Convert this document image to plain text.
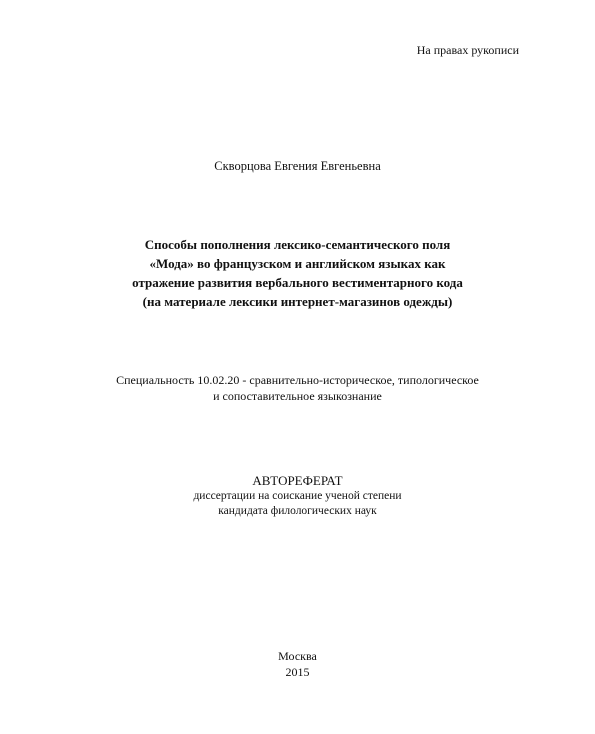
На правах рукописи
Скворцова Евгения Евгеньевна
Способы пополнения лексико-семантического поля
«Мода» во французском и английском языках как
отражение развития вербального вестиментарного кода
(на материале лексики интернет-магазинов одежды)
Специальность 10.02.20 - сравнительно-историческое, типологическое
и сопоставительное языкознание
АВТОРЕФЕРАТ
диссертации на соискание ученой степени
кандидата филологических наук
Москва
2015
